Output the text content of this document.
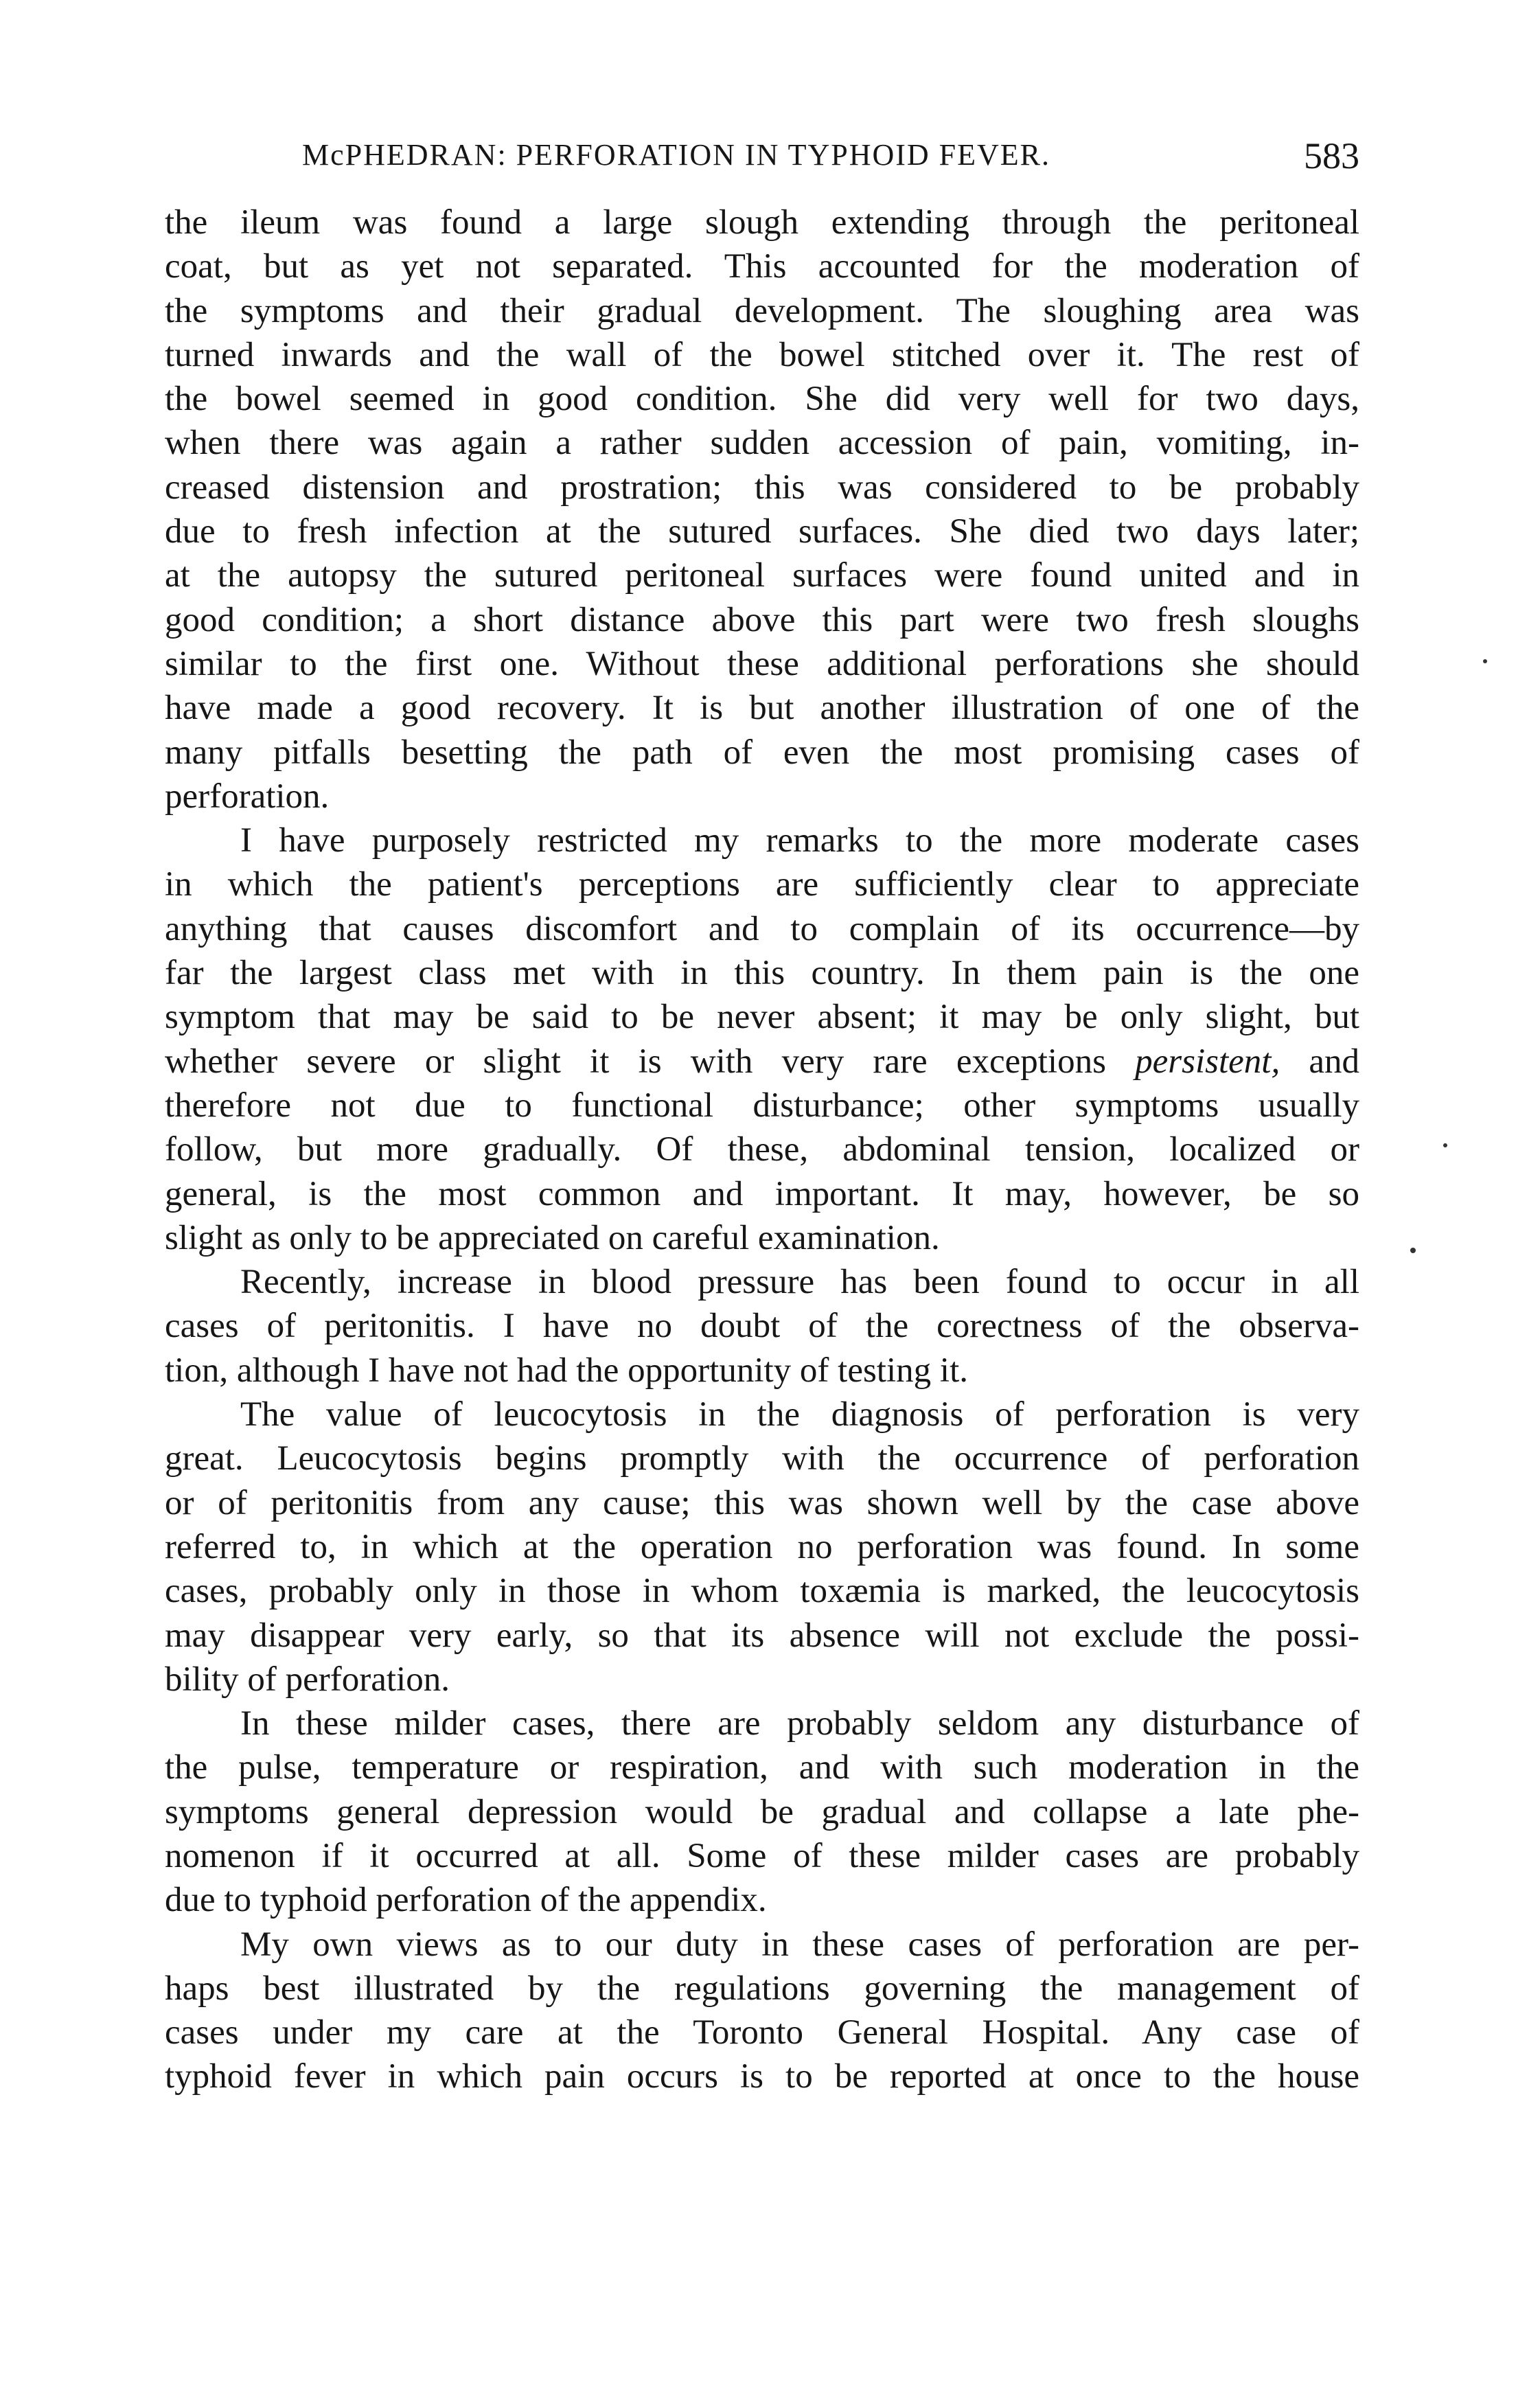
McPHEDRAN: PERFORATION IN TYPHOID FEVER.	583
the ileum was found a large slough extending through the peritoneal
coat, but as yet not separated. This accounted for the moderation of
the symptoms and their gradual development. The sloughing area was
turned inwards and the wall of the bowel stitched over it. The rest of
the bowel seemed in good condition. She did very well for two days,
when there was again a rather sudden accession of pain, vomiting, in-
creased distension and prostration; this was considered to be probably
due to fresh infection at the sutured surfaces. She died two days later;
at the autopsy the sutured peritoneal surfaces were found united and in
good condition; a short distance above this part were two fresh sloughs
similar to the first one. Without these additional perforations she should
have made a good recovery. It is but another illustration of one of the
many pitfalls besetting the path of even the most promising cases of
perforation.
I have purposely restricted my remarks to the more moderate cases
in which the patient's perceptions are sufficiently clear to appreciate
anything that causes discomfort and to complain of its occurrence—by
far the largest class met with in this country. In them pain is the one
symptom that may be said to be never absent; it may be only slight, but
whether severe or slight it is with very rare exceptions persistent, and
therefore not due to functional disturbance; other symptoms usually
follow, but more gradually. Of these, abdominal tension, localized or
general, is the most common and important. It may, however, be so
slight as only to be appreciated on careful examination.
Recently, increase in blood pressure has been found to occur in all
cases of peritonitis. I have no doubt of the corectness of the observa-
tion, although I have not had the opportunity of testing it.
The value of leucocytosis in the diagnosis of perforation is very
great. Leucocytosis begins promptly with the occurrence of perforation
or of peritonitis from any cause; this was shown well by the case above
referred to, in which at the operation no perforation was found. In some
cases, probably only in those in whom toxæmia is marked, the leucocytosis
may disappear very early, so that its absence will not exclude the possi-
bility of perforation.
In these milder cases, there are probably seldom any disturbance of
the pulse, temperature or respiration, and with such moderation in the
symptoms general depression would be gradual and collapse a late phe-
nomenon if it occurred at all. Some of these milder cases are probably
due to typhoid perforation of the appendix.
My own views as to our duty in these cases of perforation are per-
haps best illustrated by the regulations governing the management of
cases under my care at the Toronto General Hospital. Any case of
typhoid fever in which pain occurs is to be reported at once to the house
